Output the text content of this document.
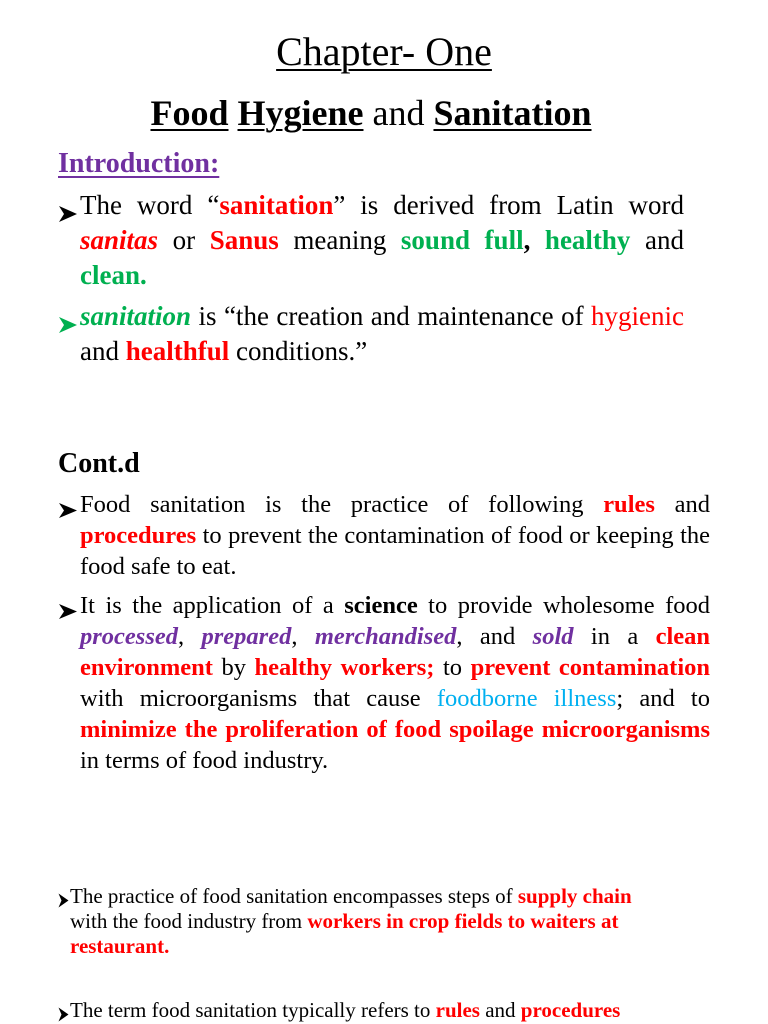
Chapter- One
Food Hygiene and Sanitation
Introduction:
The word “sanitation” is derived from Latin word sanitas or Sanus meaning sound full, healthy and clean.
sanitation is “the creation and maintenance of hygienic and healthful conditions.”
Cont.d
Food sanitation is the practice of following rules and procedures to prevent the contamination of food or keeping the food safe to eat.
It is the application of a science to provide wholesome food processed, prepared, merchandised, and sold in a clean environment by healthy workers; to prevent contamination with microorganisms that cause foodborne illness; and to minimize the proliferation of food spoilage microorganisms in terms of food industry.
The practice of food sanitation encompasses steps of supply chain
with the food industry from workers in crop fields to waiters at restaurant.
The term food sanitation typically refers to rules and procedures
